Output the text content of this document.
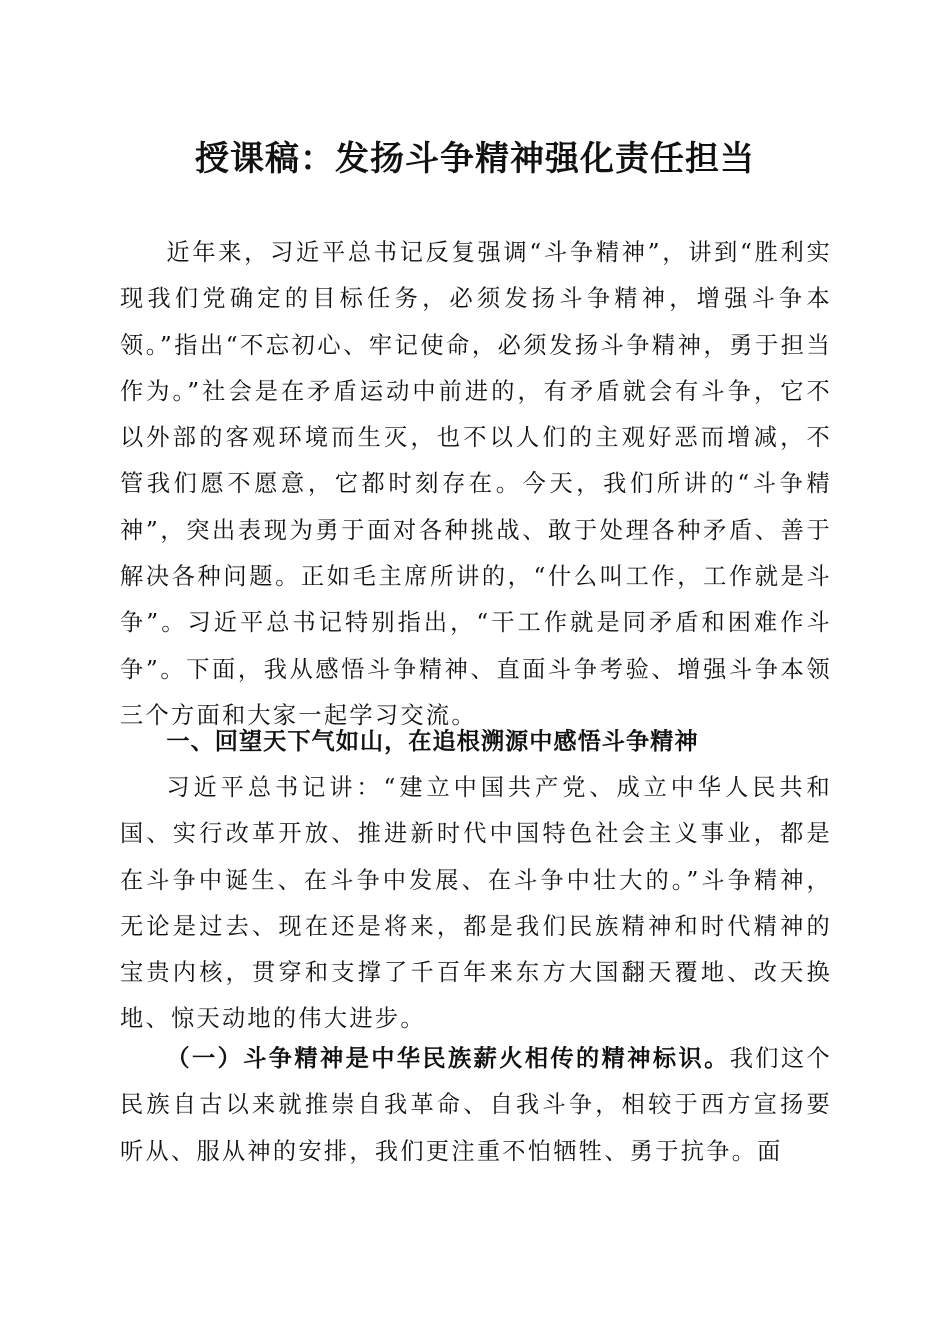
授课稿：发扬斗争精神强化责任担当

近年来，习近平总书记反复强调“斗争精神”，讲到“胜利实现我们党确定的目标任务，必须发扬斗争精神，增强斗争本领。”指出“不忘初心、牢记使命，必须发扬斗争精神，勇于担当作为。”社会是在矛盾运动中前进的，有矛盾就会有斗争，它不以外部的客观环境而生灭，也不以人们的主观好恶而增减，不管我们愿不愿意，它都时刻存在。今天，我们所讲的“斗争精神”，突出表现为勇于面对各种挑战、敢于处理各种矛盾、善于解决各种问题。正如毛主席所讲的，“什么叫工作，工作就是斗争”。习近平总书记特别指出，“干工作就是同矛盾和困难作斗争”。下面，我从感悟斗争精神、直面斗争考验、增强斗争本领三个方面和大家一起学习交流。

一、回望天下气如山，在追根溯源中感悟斗争精神

习近平总书记讲：“建立中国共产党、成立中华人民共和国、实行改革开放、推进新时代中国特色社会主义事业，都是在斗争中诞生、在斗争中发展、在斗争中壮大的。”斗争精神，无论是过去、现在还是将来，都是我们民族精神和时代精神的宝贵内核，贯穿和支撑了千百年来东方大国翻天覆地、改天换地、惊天动地的伟大进步。

（一）斗争精神是中华民族薪火相传的精神标识。我们这个民族自古以来就推崇自我革命、自我斗争，相较于西方宣扬要听从、服从神的安排，我们更注重不怕牺牲、勇于抗争。面
